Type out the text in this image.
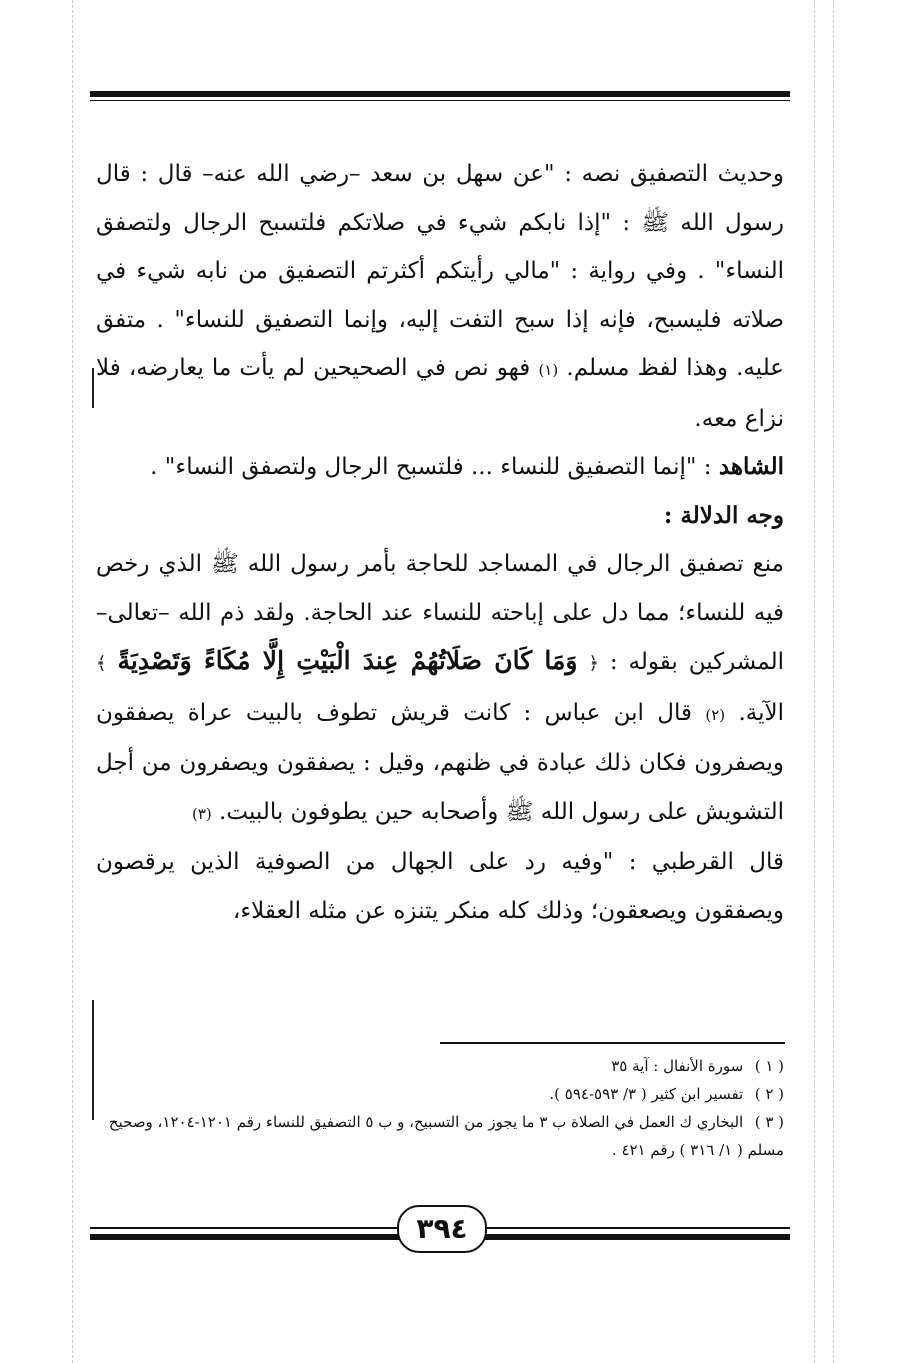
وحديث التصفيق نصه : "عن سهل بن سعد –رضي الله عنه– قال : قال رسول الله ﷺ : "إذا نابكم شيء في صلاتكم فلتسبح الرجال ولتصفق النساء" . وفي رواية : "مالي رأيتكم أكثرتم التصفيق من نابه شيء في صلاته فليسبح، فإنه إذا سبح التفت إليه، وإنما التصفيق للنساء" . متفق عليه. وهذا لفظ مسلم. (١) فهو نص في الصحيحين لم يأت ما يعارضه، فلا نزاع معه.

الشاهد : "إنما التصفيق للنساء ... فلتسبح الرجال ولتصفق النساء" .

وجه الدلالة :

منع تصفيق الرجال في المساجد للحاجة بأمر رسول الله ﷺ الذي رخص فيه للنساء؛ مما دل على إباحته للنساء عند الحاجة. ولقد ذم الله –تعالى– المشركين بقوله : ﴿ وَمَا كَانَ صَلَاتُهُمْ عِندَ الْبَيْتِ إِلَّا مُكَاءً وَتَصْدِيَةً ﴾ الآية. (٢) قال ابن عباس : كانت قريش تطوف بالبيت عراة يصفقون ويصفرون فكان ذلك عبادة في ظنهم، وقيل : يصفقون ويصفرون من أجل التشويش على رسول الله ﷺ وأصحابه حين يطوفون بالبيت. (٣)

قال القرطبي : "وفيه رد على الجهال من الصوفية الذين يرقصون ويصفقون ويصعقون؛ وذلك كله منكر يتنزه عن مثله العقلاء،

( ١ ) سورة الأنفال : آية ٣٥

( ٢ ) تفسير ابن كثير ( ٣/ ٥٩٣-٥٩٤ ).

( ٣ ) البخاري ك العمل في الصلاة ب ٣ ما يجوز من التسبيح، و ب ٥ التصفيق للنساء رقم ١٢٠١-١٢٠٤، وصحيح مسلم ( ١/ ٣١٦ ) رقم ٤٢١ .

٣٩٤
